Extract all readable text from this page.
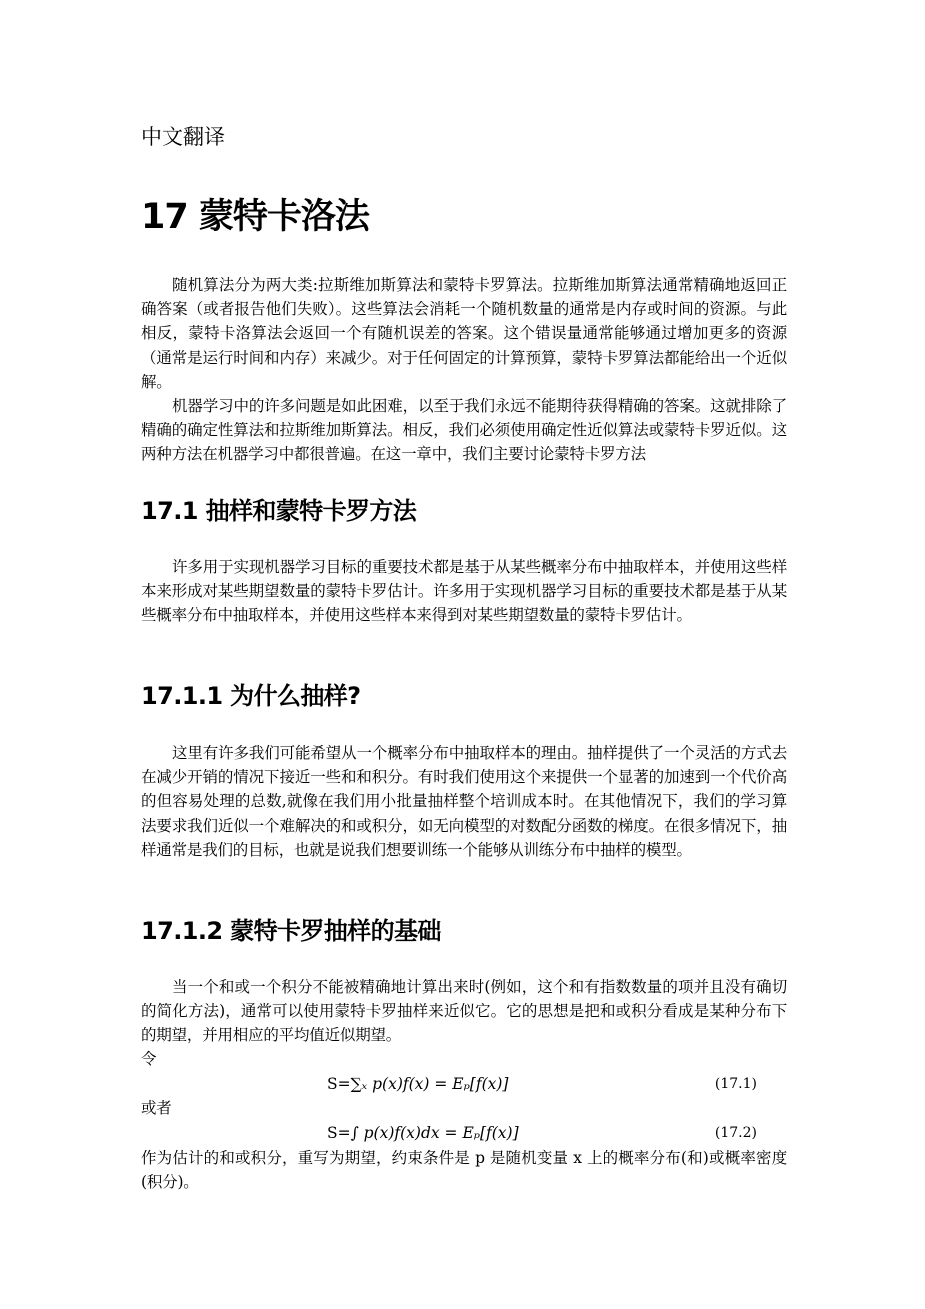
中文翻译

17 蒙特卡洛法

随机算法分为两大类:拉斯维加斯算法和蒙特卡罗算法。拉斯维加斯算法通常精确地返回正确答案（或者报告他们失败）。这些算法会消耗一个随机数量的通常是内存或时间的资源。与此相反，蒙特卡洛算法会返回一个有随机误差的答案。这个错误量通常能够通过增加更多的资源（通常是运行时间和内存）来减少。对于任何固定的计算预算，蒙特卡罗算法都能给出一个近似解。

机器学习中的许多问题是如此困难，以至于我们永远不能期待获得精确的答案。这就排除了精确的确定性算法和拉斯维加斯算法。相反，我们必须使用确定性近似算法或蒙特卡罗近似。这两种方法在机器学习中都很普遍。在这一章中，我们主要讨论蒙特卡罗方法

17.1 抽样和蒙特卡罗方法

许多用于实现机器学习目标的重要技术都是基于从某些概率分布中抽取样本，并使用这些样本来形成对某些期望数量的蒙特卡罗估计。许多用于实现机器学习目标的重要技术都是基于从某些概率分布中抽取样本，并使用这些样本来得到对某些期望数量的蒙特卡罗估计。

17.1.1 为什么抽样?

这里有许多我们可能希望从一个概率分布中抽取样本的理由。抽样提供了一个灵活的方式去在减少开销的情况下接近一些和和积分。有时我们使用这个来提供一个显著的加速到一个代价高的但容易处理的总数,就像在我们用小批量抽样整个培训成本时。在其他情况下，我们的学习算法要求我们近似一个难解决的和或积分，如无向模型的对数配分函数的梯度。在很多情况下，抽样通常是我们的目标，也就是说我们想要训练一个能够从训练分布中抽样的模型。

17.1.2 蒙特卡罗抽样的基础

当一个和或一个积分不能被精确地计算出来时(例如，这个和有指数数量的项并且没有确切的简化方法)，通常可以使用蒙特卡罗抽样来近似它。它的思想是把和或积分看成是某种分布下的期望，并用相应的平均值近似期望。

令

S=∑ₓ p(x)f(x) = Eₚ[f(x)]	(17.1)

或者

S=∫ p(x)f(x)dx = Eₚ[f(x)]	(17.2)

作为估计的和或积分，重写为期望，约束条件是 p 是随机变量 x 上的概率分布(和)或概率密度(积分)。
